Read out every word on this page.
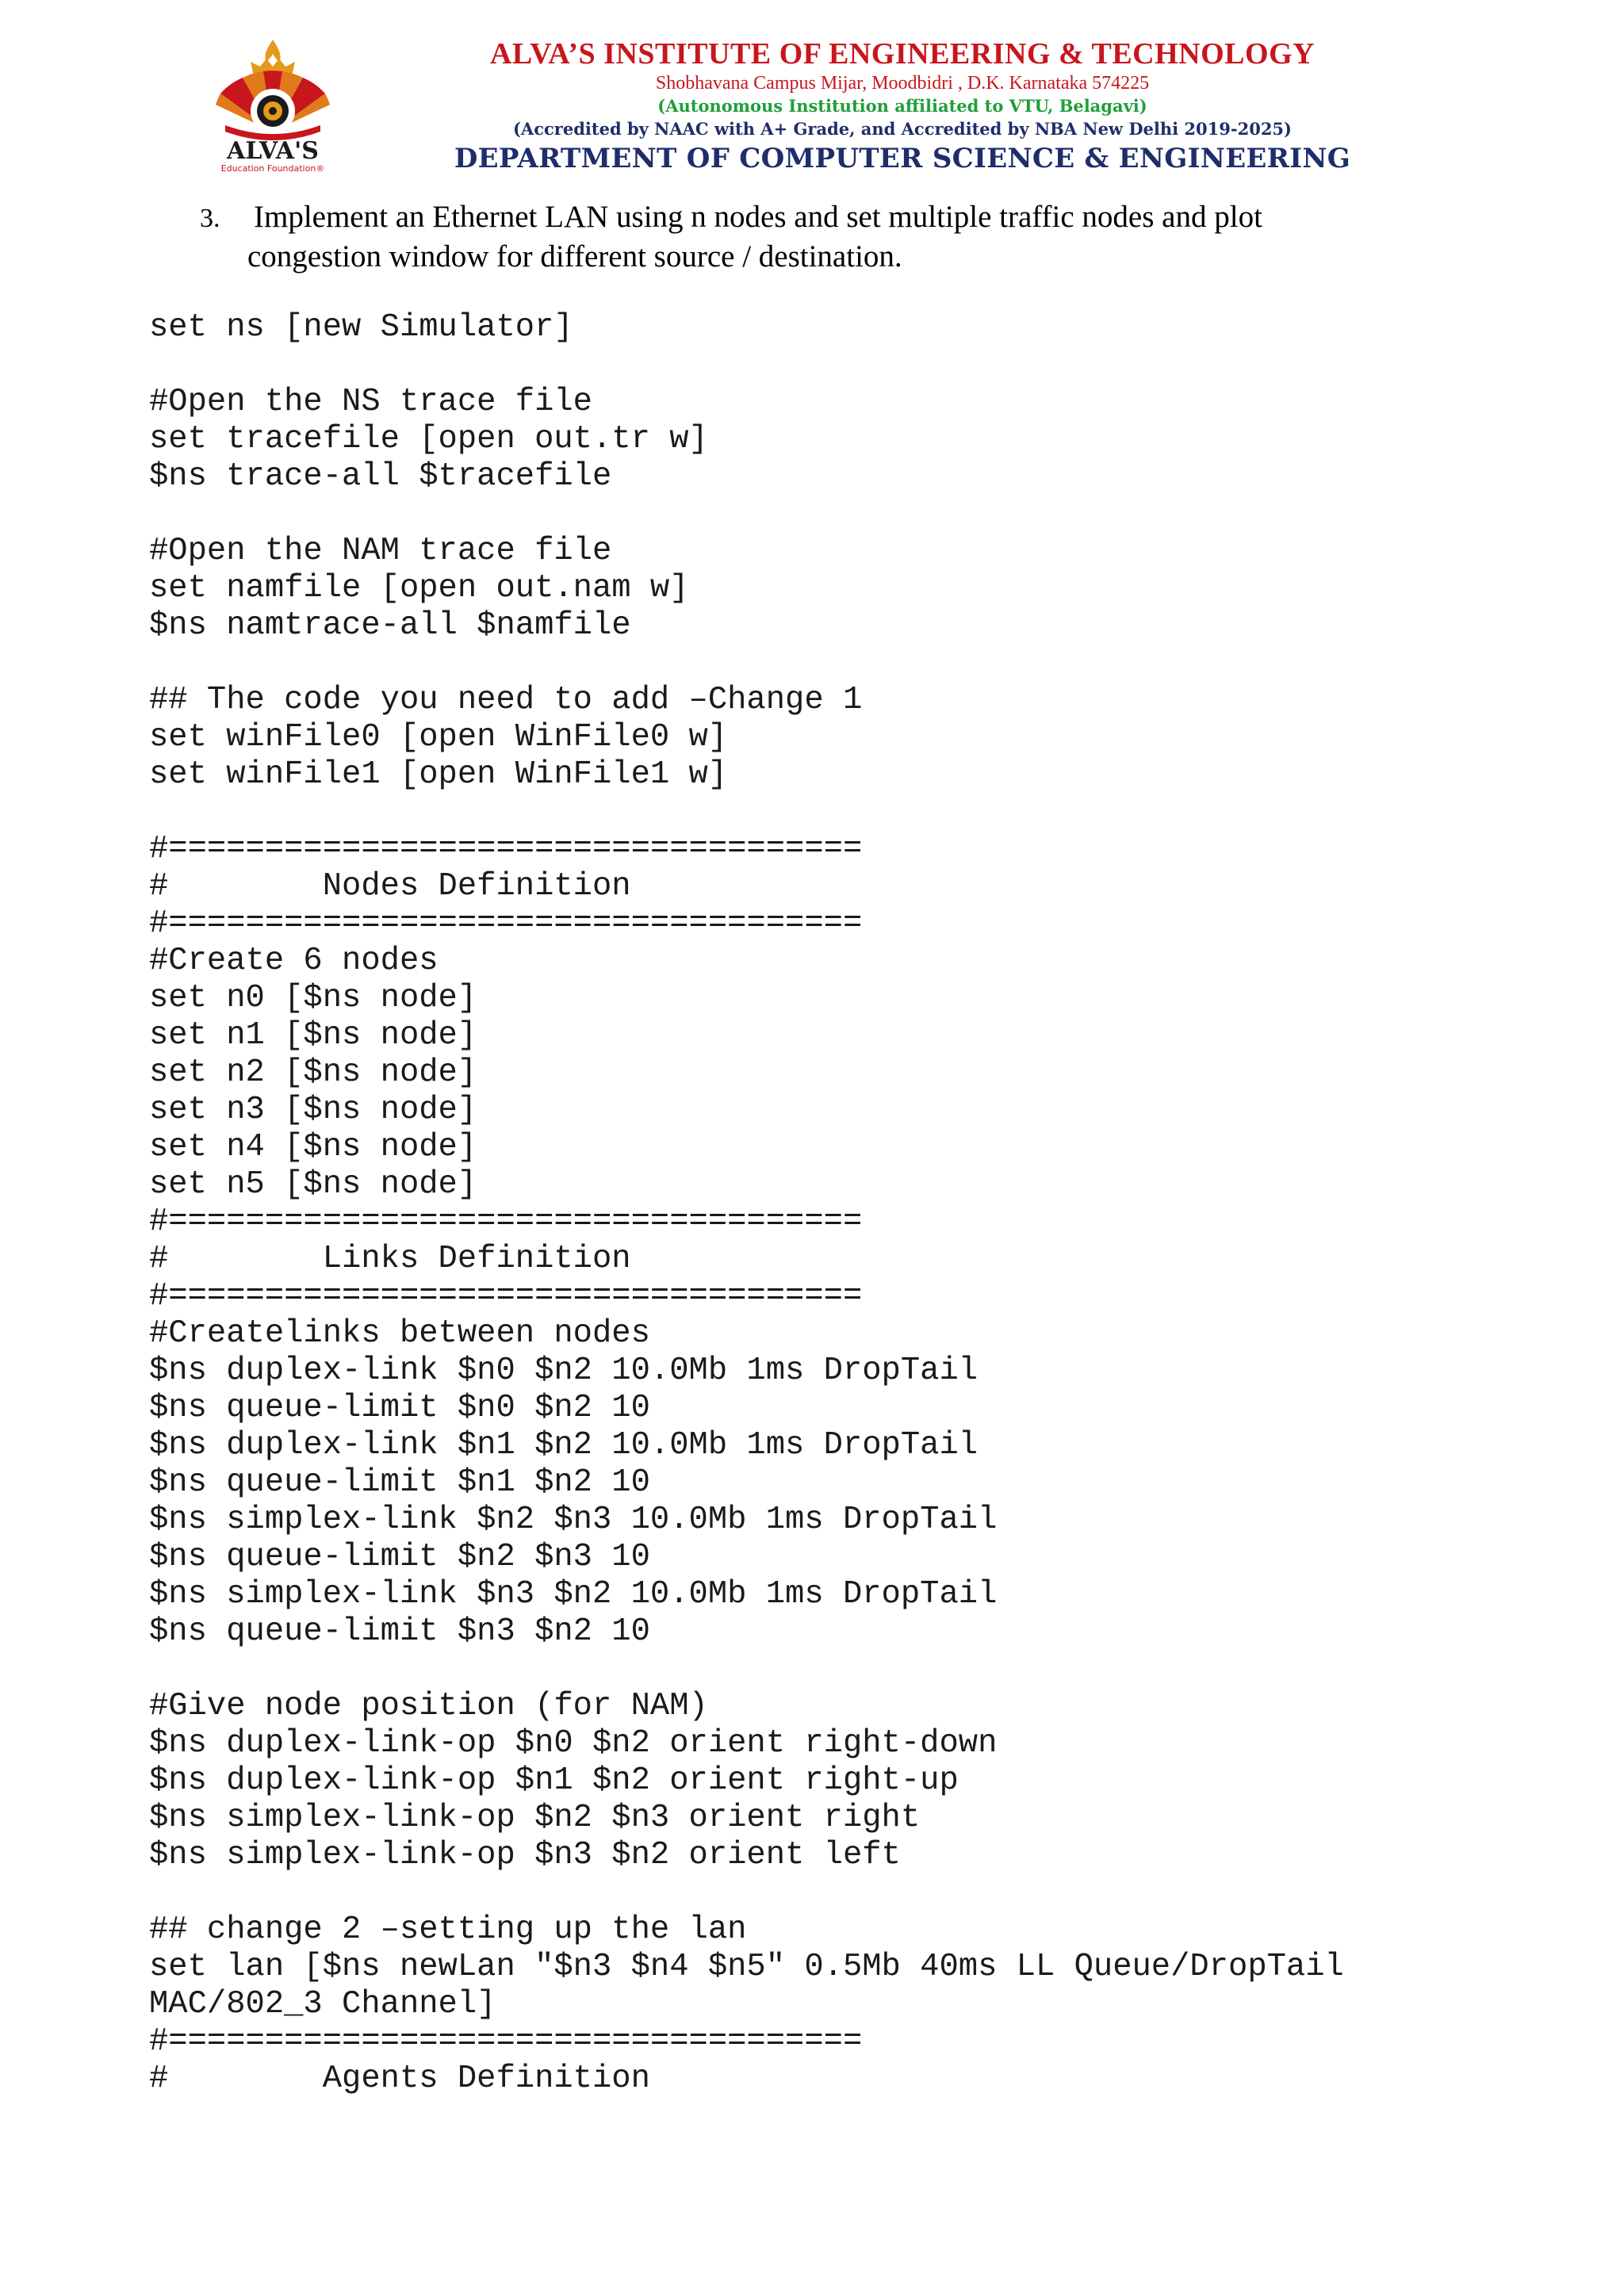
ALVA'S
Education Foundation®
ALVA’S INSTITUTE OF ENGINEERING & TECHNOLOGY
Shobhavana Campus Mijar, Moodbidri , D.K. Karnataka 574225
(Autonomous Institution affiliated to VTU, Belagavi)
(Accredited by NAAC with A+ Grade, and Accredited by NBA New Delhi 2019-2025)
DEPARTMENT OF COMPUTER SCIENCE & ENGINEERING
3. Implement an Ethernet LAN using n nodes and set multiple traffic nodes and plot
congestion window for different source / destination.
set ns [new Simulator]

#Open the NS trace file
set tracefile [open out.tr w]
$ns trace-all $tracefile

#Open the NAM trace file
set namfile [open out.nam w]
$ns namtrace-all $namfile

## The code you need to add –Change 1
set winFile0 [open WinFile0 w]
set winFile1 [open WinFile1 w]

#====================================
#        Nodes Definition
#====================================
#Create 6 nodes
set n0 [$ns node]
set n1 [$ns node]
set n2 [$ns node]
set n3 [$ns node]
set n4 [$ns node]
set n5 [$ns node]
#====================================
#        Links Definition
#====================================
#Createlinks between nodes
$ns duplex-link $n0 $n2 10.0Mb 1ms DropTail
$ns queue-limit $n0 $n2 10
$ns duplex-link $n1 $n2 10.0Mb 1ms DropTail
$ns queue-limit $n1 $n2 10
$ns simplex-link $n2 $n3 10.0Mb 1ms DropTail
$ns queue-limit $n2 $n3 10
$ns simplex-link $n3 $n2 10.0Mb 1ms DropTail
$ns queue-limit $n3 $n2 10

#Give node position (for NAM)
$ns duplex-link-op $n0 $n2 orient right-down
$ns duplex-link-op $n1 $n2 orient right-up
$ns simplex-link-op $n2 $n3 orient right
$ns simplex-link-op $n3 $n2 orient left

## change 2 –setting up the lan
set lan [$ns newLan "$n3 $n4 $n5" 0.5Mb 40ms LL Queue/DropTail
MAC/802_3 Channel]
#====================================
#        Agents Definition
